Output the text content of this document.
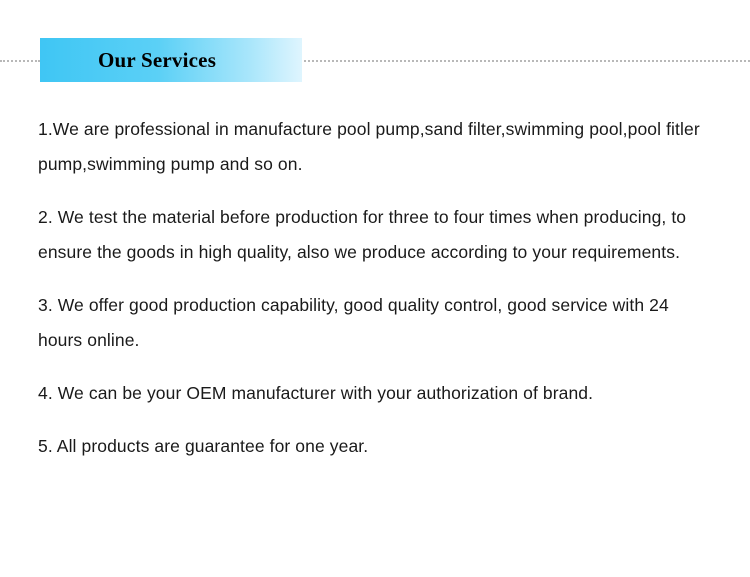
Our Services

1.We are professional in manufacture pool pump,sand filter,swimming pool,pool fitler pump,swimming pump and so on.

2. We test the material before production for three to four times when producing, to ensure the goods in high quality, also we produce according to your requirements.

3. We offer good production capability, good quality control, good service with 24 hours online.

4. We can be your OEM manufacturer with your authorization of brand.

5. All products are guarantee for one year.
